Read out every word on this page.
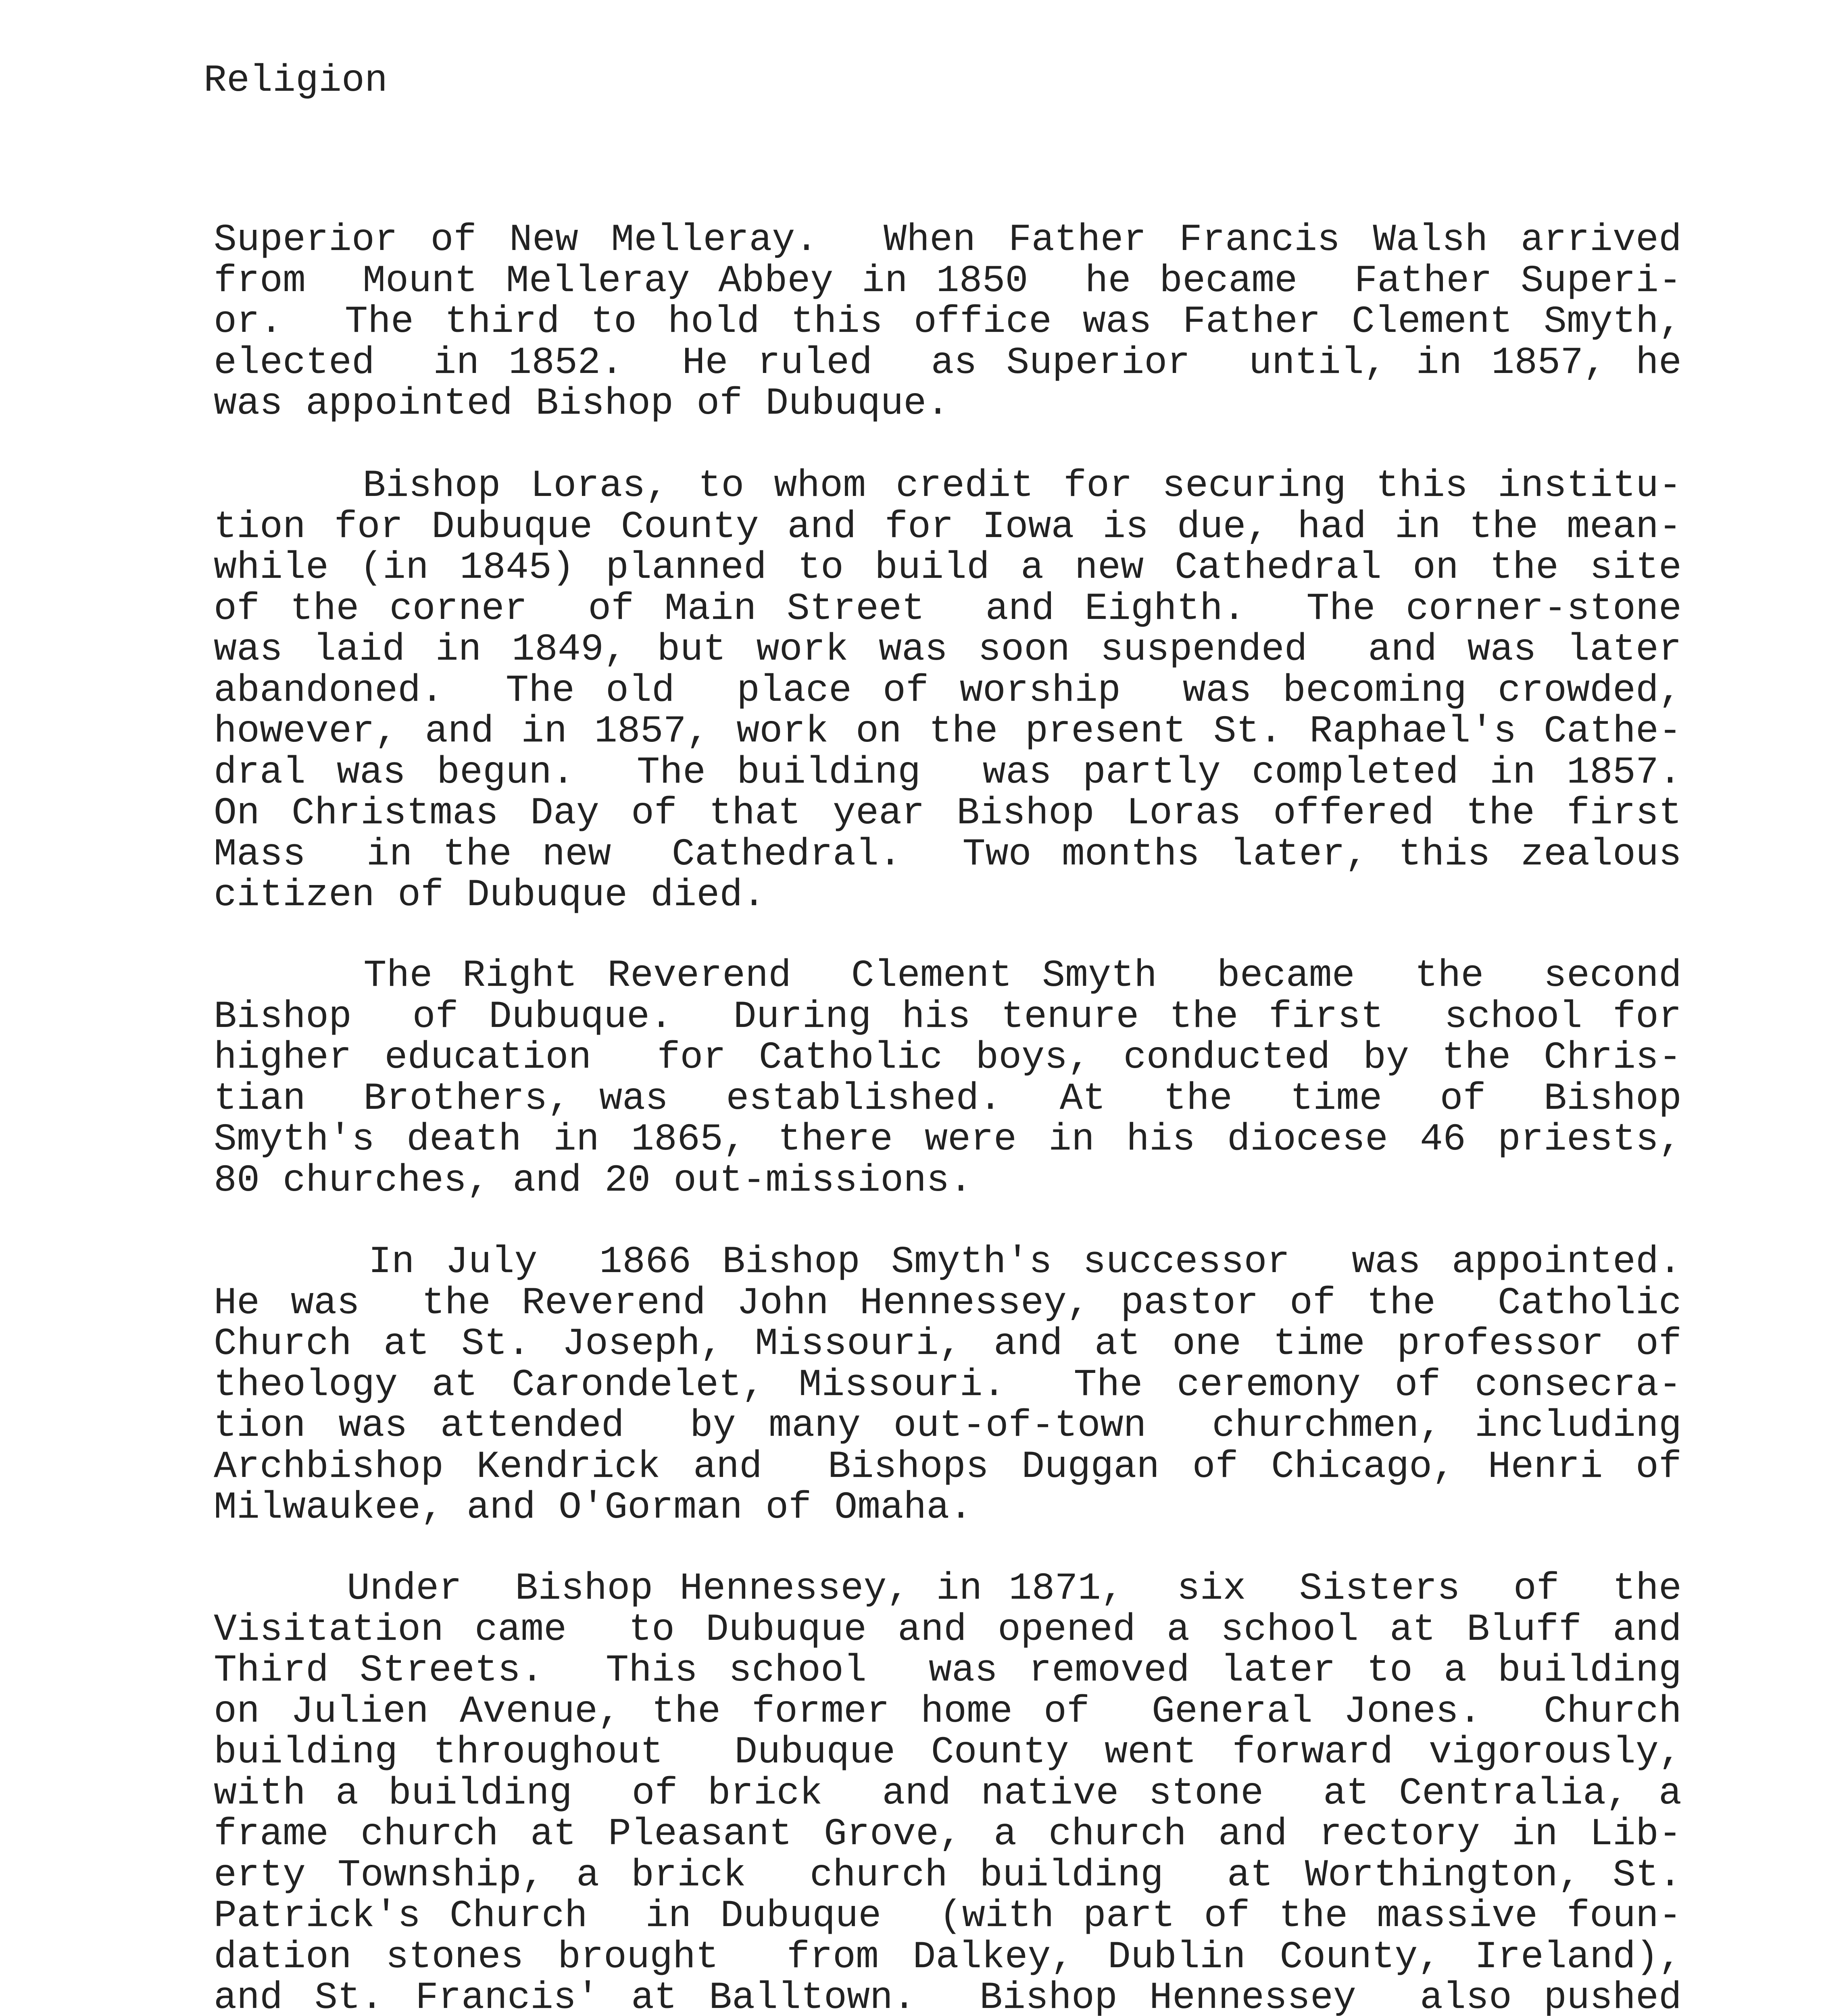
Religion
Superior of New Melleray.  When Father Francis Walsh arrived
from  Mount Melleray Abbey in 1850  he became  Father Superi-
or.  The third to hold this office was Father Clement Smyth,
elected  in 1852.  He ruled  as Superior  until, in 1857, he
was appointed Bishop of Dubuque.
Bishop Loras, to whom credit for securing this institu-
tion for Dubuque County and for Iowa is due, had in the mean-
while (in 1845) planned to build a new Cathedral on the site
of the corner  of Main Street  and Eighth.  The corner-stone
was laid in 1849, but work was soon suspended  and was later
abandoned.  The old  place of worship  was becoming crowded,
however, and in 1857, work on the present St. Raphael's Cathe-
dral was begun.  The building  was partly completed in 1857.
On Christmas Day of that year Bishop Loras offered the first
Mass  in the new  Cathedral.  Two months later, this zealous
citizen of Dubuque died.
The Right Reverend  Clement Smyth  became  the  second
Bishop  of Dubuque.  During his tenure the first  school for
higher education  for Catholic boys, conducted by the Chris-
tian  Brothers, was  established.  At  the  time  of  Bishop
Smyth's death in 1865, there were in his diocese 46 priests,
80 churches, and 20 out-missions.
In July  1866 Bishop Smyth's successor  was appointed.
He was  the Reverend John Hennessey, pastor of the  Catholic
Church at St. Joseph, Missouri, and at one time professor of
theology at Carondelet, Missouri.  The ceremony of consecra-
tion was attended  by many out-of-town  churchmen, including
Archbishop Kendrick and  Bishops Duggan of Chicago, Henri of
Milwaukee, and O'Gorman of Omaha.
Under  Bishop Hennessey, in 1871,  six  Sisters  of  the
Visitation came  to Dubuque and opened a school at Bluff and
Third Streets.  This school  was removed later to a building
on Julien Avenue, the former home of  General Jones.  Church
building throughout  Dubuque County went forward vigorously,
with a building  of brick  and native stone  at Centralia, a
frame church at Pleasant Grove, a church and rectory in Lib-
erty Township, a brick  church building  at Worthington, St.
Patrick's Church  in Dubuque  (with part of the massive foun-
dation stones brought  from Dalkey, Dublin County, Ireland),
and St. Francis' at Balltown.  Bishop Hennessey  also pushed
